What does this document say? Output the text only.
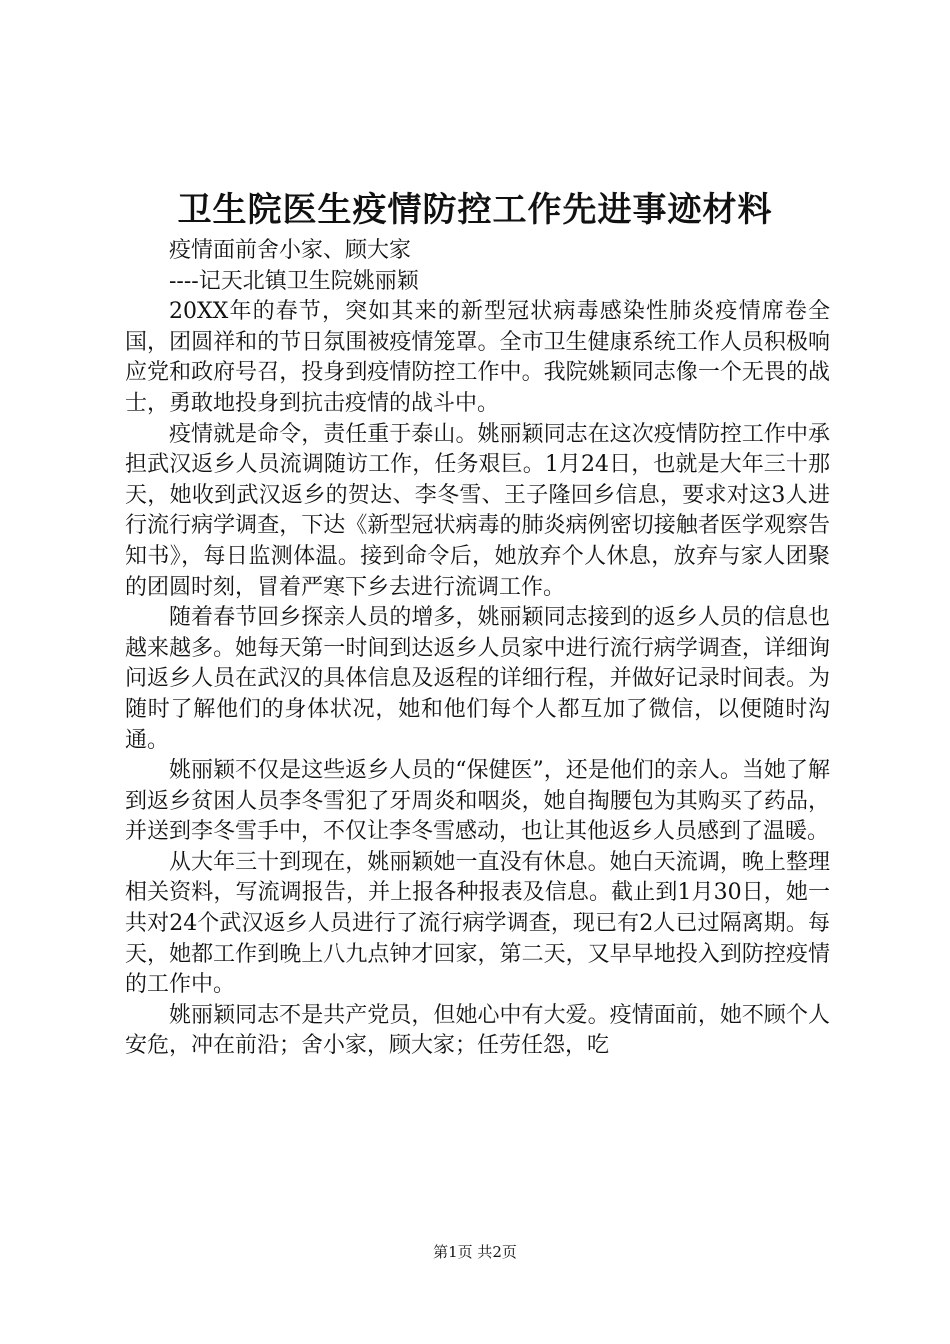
卫生院医生疫情防控工作先进事迹材料

疫情面前舍小家、顾大家

----记天北镇卫生院姚丽颖

20XX年的春节，突如其来的新型冠状病毒感染性肺炎疫情席卷全国，团圆祥和的节日氛围被疫情笼罩。全市卫生健康系统工作人员积极响应党和政府号召，投身到疫情防控工作中。我院姚颖同志像一个无畏的战士，勇敢地投身到抗击疫情的战斗中。

疫情就是命令，责任重于泰山。姚丽颖同志在这次疫情防控工作中承担武汉返乡人员流调随访工作，任务艰巨。1月24日，也就是大年三十那天，她收到武汉返乡的贺达、李冬雪、王子隆回乡信息，要求对这3人进行流行病学调查，下达《新型冠状病毒的肺炎病例密切接触者医学观察告知书》，每日监测体温。接到命令后，她放弃个人休息，放弃与家人团聚的团圆时刻，冒着严寒下乡去进行流调工作。

随着春节回乡探亲人员的增多，姚丽颖同志接到的返乡人员的信息也越来越多。她每天第一时间到达返乡人员家中进行流行病学调查，详细询问返乡人员在武汉的具体信息及返程的详细行程，并做好记录时间表。为随时了解他们的身体状况，她和他们每个人都互加了微信，以便随时沟通。

姚丽颖不仅是这些返乡人员的“保健医”，还是他们的亲人。当她了解到返乡贫困人员李冬雪犯了牙周炎和咽炎，她自掏腰包为其购买了药品，并送到李冬雪手中，不仅让李冬雪感动，也让其他返乡人员感到了温暖。

从大年三十到现在，姚丽颖她一直没有休息。她白天流调，晚上整理相关资料，写流调报告，并上报各种报表及信息。截止到1月30日，她一共对24个武汉返乡人员进行了流行病学调查，现已有2人已过隔离期。每天，她都工作到晚上八九点钟才回家，第二天，又早早地投入到防控疫情的工作中。

姚丽颖同志不是共产党员，但她心中有大爱。疫情面前，她不顾个人安危，冲在前沿；舍小家，顾大家；任劳任怨，吃

第1页 共2页
